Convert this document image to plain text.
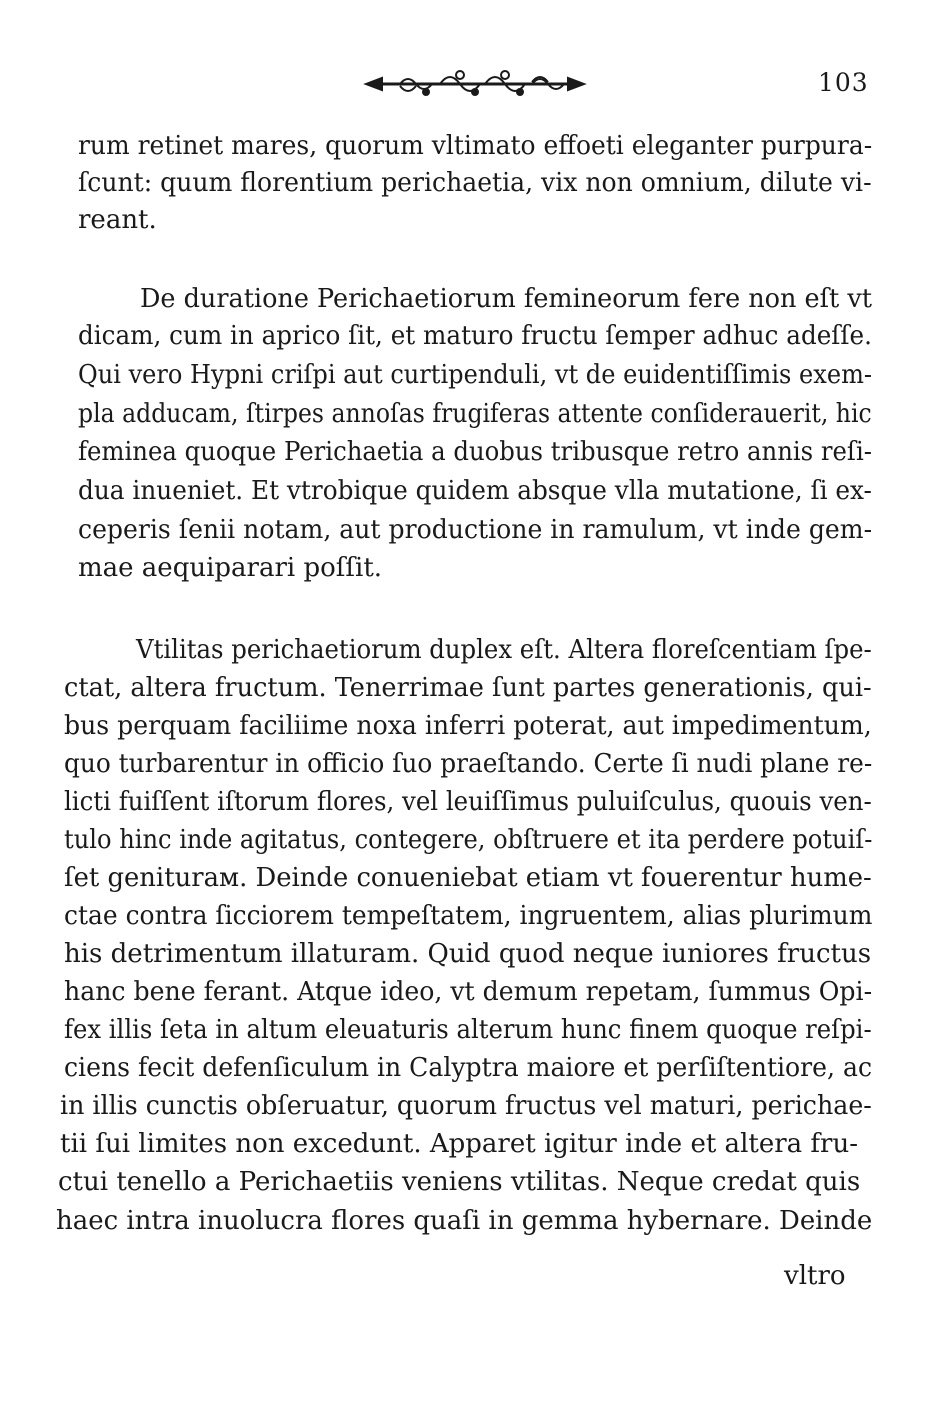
103
rum retinet mares, quorum vltimato effoeti eleganter purpura-
ſcunt: quum florentium perichaetia, vix non omnium, dilute vi-
reant.
De duratione Perichaetiorum femineorum fere non eſt vt
dicam, cum in aprico ſit, et maturo fructu ſemper adhuc adeſſe.
Qui vero Hypni criſpi aut curtipenduli, vt de euidentiſſimis exem-
pla adducam, ſtirpes annoſas frugiferas attente conſiderauerit, hic
feminea quoque Perichaetia a duobus tribusque retro annis reſi-
dua inueniet. Et vtrobique quidem absque vlla mutatione, ſi ex-
ceperis ſenii notam, aut productione in ramulum, vt inde gem-
mae aequiparari poſſit.
Vtilitas perichaetiorum duplex eſt. Altera floreſcentiam ſpe-
ctat, altera fructum. Tenerrimae ſunt partes generationis, qui-
bus perquam faciliime noxa inferri poterat, aut impedimentum,
quo turbarentur in officio ſuo praeſtando. Certe ſi nudi plane re-
licti fuiſſent iſtorum flores, vel leuiſſimus puluiſculus, quouis ven-
tulo hinc inde agitatus, contegere, obſtruere et ita perdere potuiſ-
ſet geniturам. Deinde conueniebat etiam vt fouerentur hume-
ctae contra ſicciorem tempeſtatem, ingruentem, alias plurimum
his detrimentum illaturam. Quid quod neque iuniores fructus
hanc bene ferant. Atque ideo, vt demum repetam, ſummus Opi-
fex illis ſeta in altum eleuaturis alterum hunc finem quoque reſpi-
ciens fecit defenſiculum in Calyptra maiore et perſiſtentiore, ac
in illis cunctis obſeruatur, quorum fructus vel maturi, perichae-
tii ſui limites non excedunt. Apparet igitur inde et altera fru-
ctui tenello a Perichaetiis veniens vtilitas. Neque credat quis
haec intra inuolucra flores quaſi in gemma hybernare. Deinde
vltro
